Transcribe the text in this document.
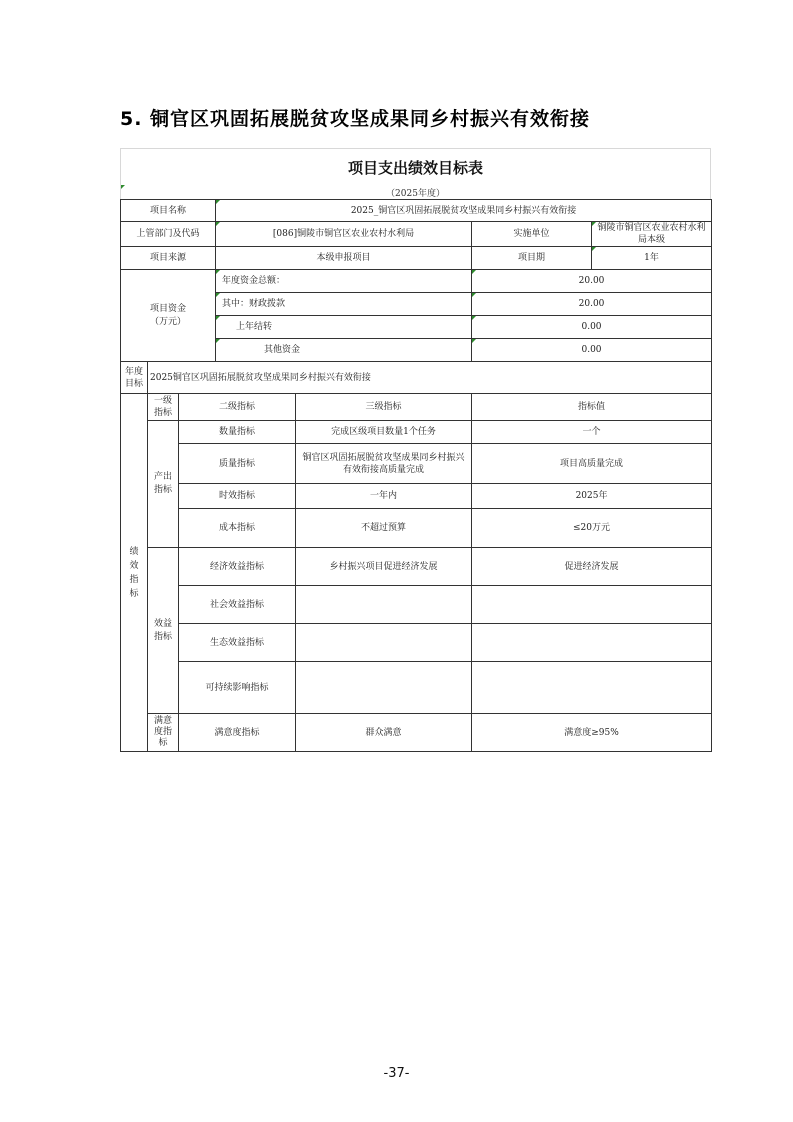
5. 铜官区巩固拓展脱贫攻坚成果同乡村振兴有效衔接
项目支出绩效目标表
（2025年度）
项目名称			2025_铜官区巩固拓展脱贫攻坚成果同乡村振兴有效衔接			
上管部门及代码			[086]铜陵市铜官区农业农村水利局		实施单位	铜陵市铜官区农业农村水利局本级
项目来源			本级申报项目		项目期	1年

项目资金
（万元）			年度资金总额：		20.00	

其中：财政拨款		20.00	

上年结转		0.00	

其他资金		0.00	

年度
目标	2025铜官区巩固拓展脱贫攻坚成果同乡村振兴有效衔接					

绩效指标	一级指标	二级指标		三级指标	指标值	

	产出指标	数量指标		完成区级项目数量1个任务	一个	
		质量指标		铜官区巩固拓展脱贫攻坚成果同乡村振兴有效衔接高质量完成	项目高质量完成	
		时效指标		一年内	2025年	
		成本指标		不超过预算	≤20万元	

	效益指标	经济效益指标		乡村振兴项目促进经济发展	促进经济发展	
		社会效益指标				
		生态效益指标				
		可持续影响指标				

	满意度指标	满意度指标		群众满意	满意度≥95%	
-37-
